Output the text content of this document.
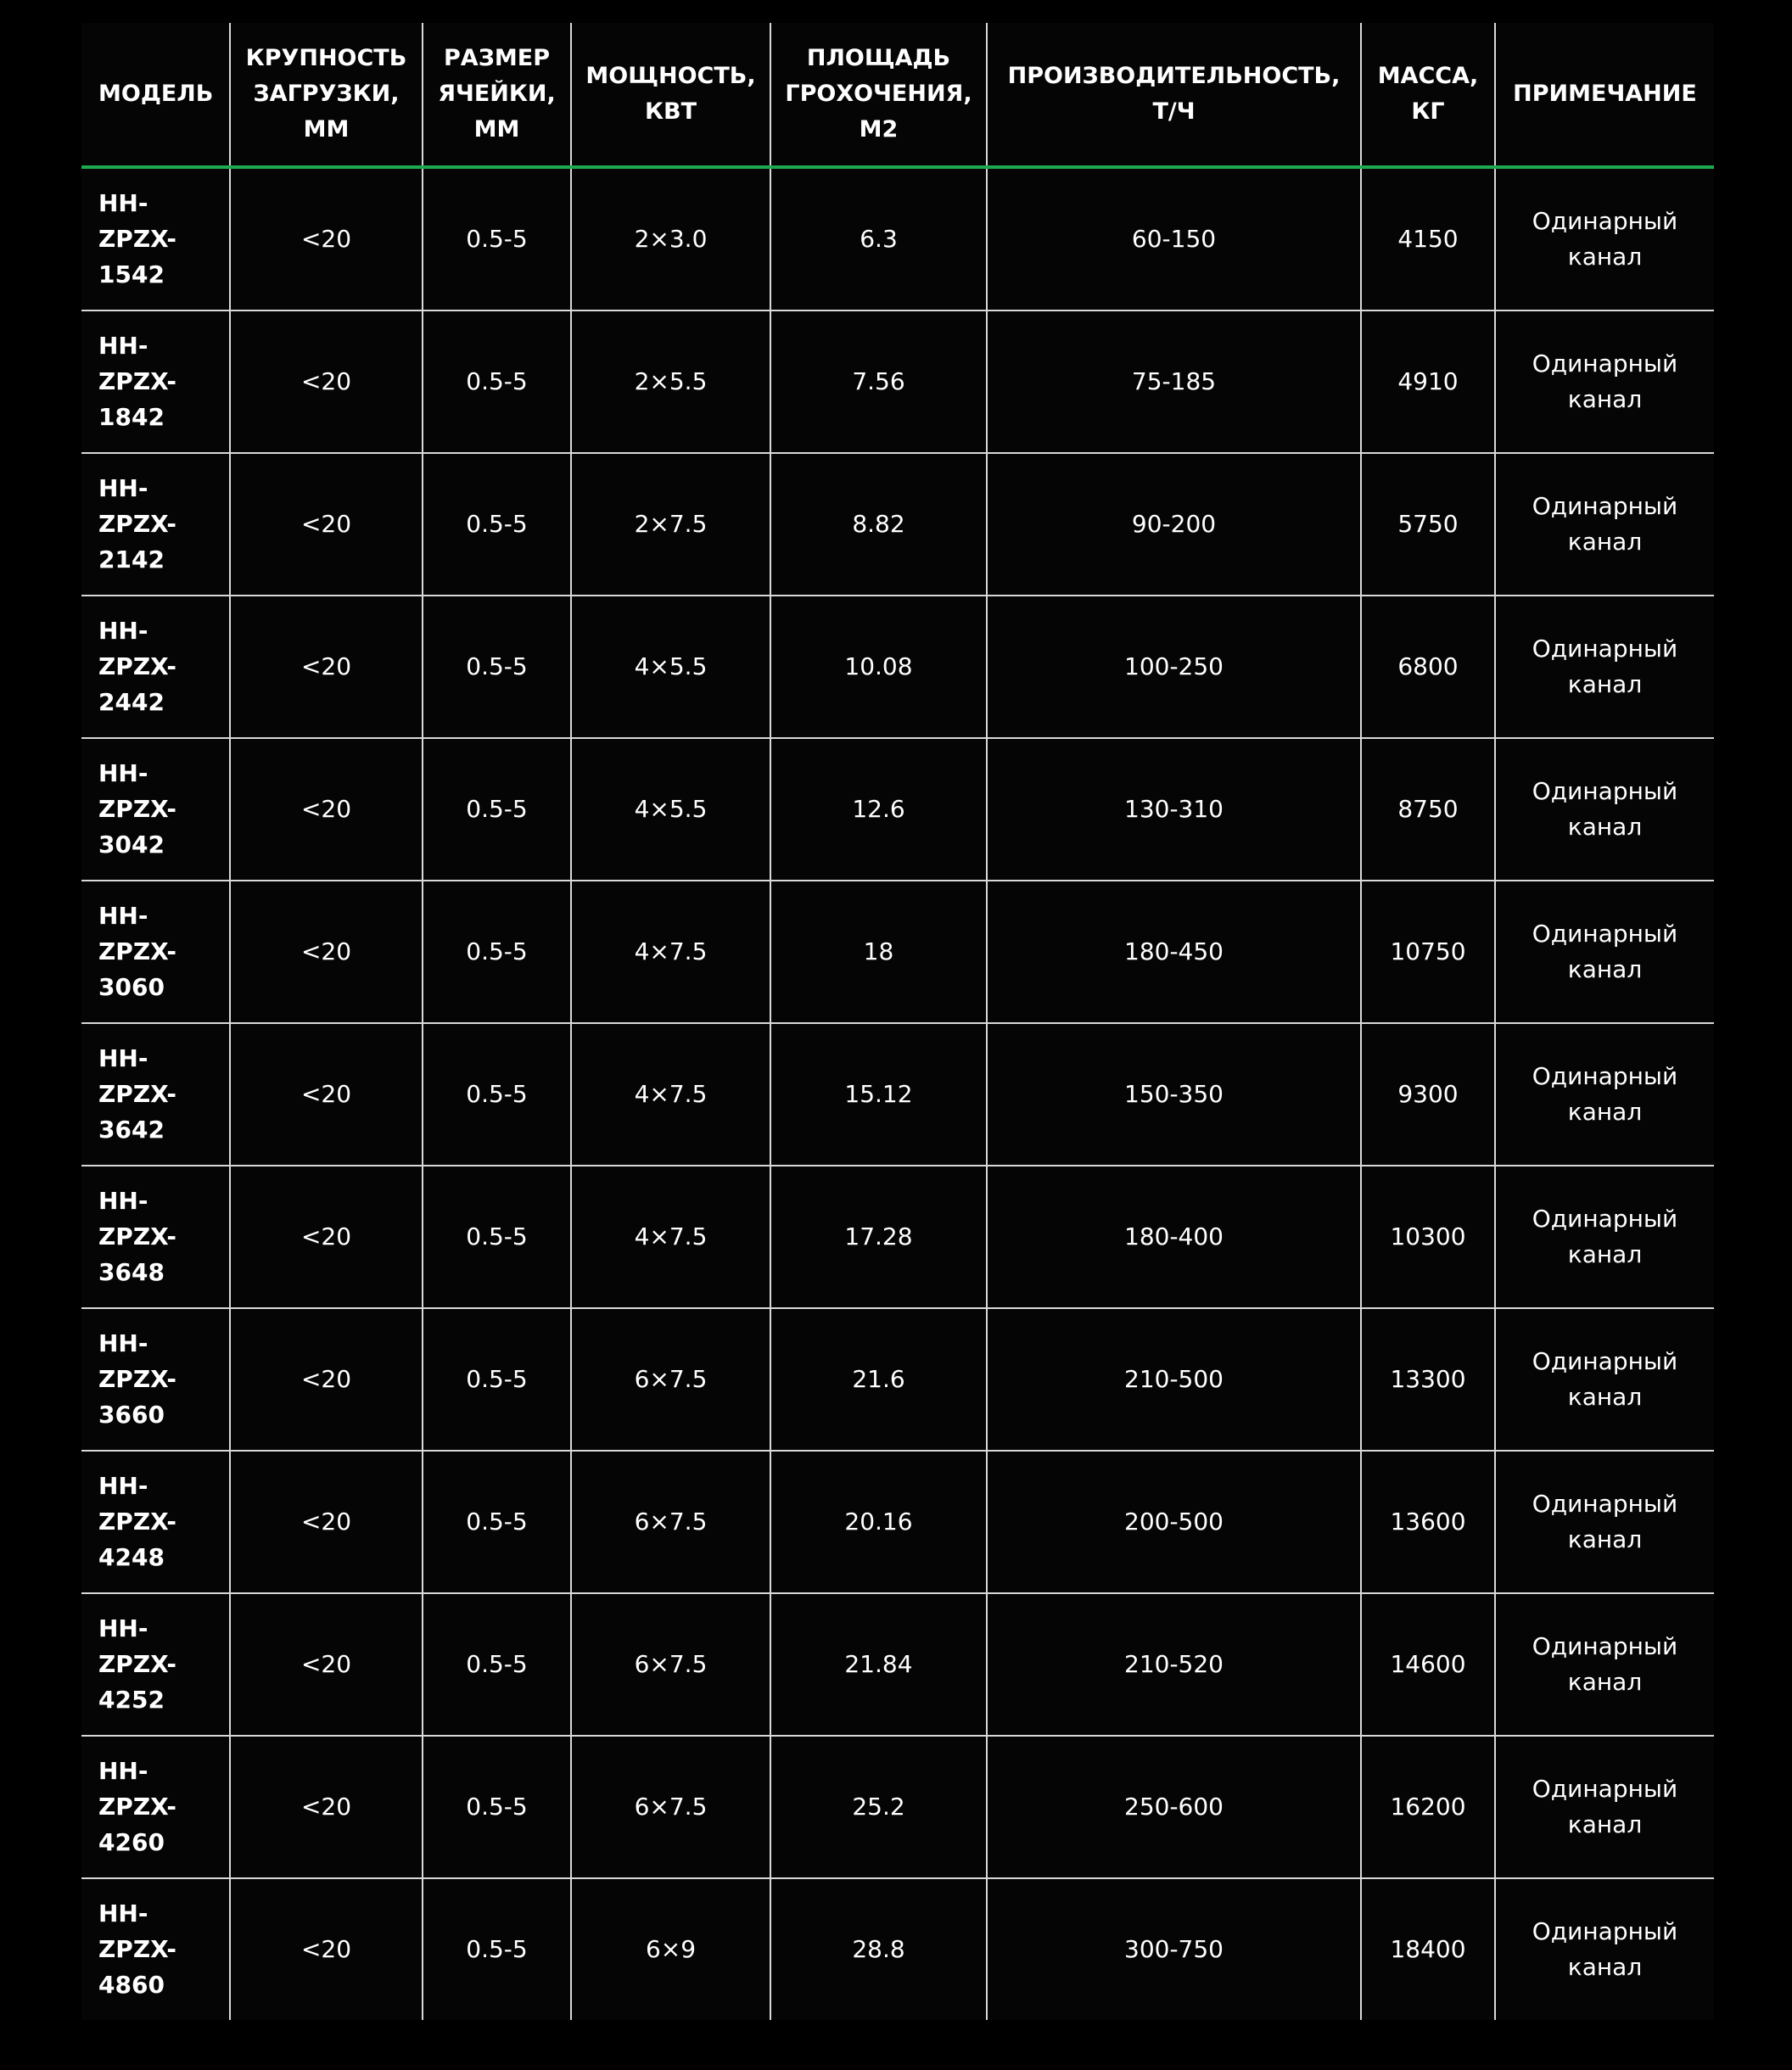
МОДЕЛЬ	КРУПНОСТЬ ЗАГРУЗКИ, ММ	РАЗМЕР ЯЧЕЙКИ, ММ	МОЩНОСТЬ, КВТ	ПЛОЩАДЬ ГРОХОЧЕНИЯ, М2	ПРОИЗВОДИТЕЛЬНОСТЬ, Т/Ч	МАССА, КГ	ПРИМЕЧАНИЕ
HH- ZPZX- 1542	<20	0.5-5	2×3.0	6.3	60-150	4150	Одинарный канал
HH- ZPZX- 1842	<20	0.5-5	2×5.5	7.56	75-185	4910	Одинарный канал
HH- ZPZX- 2142	<20	0.5-5	2×7.5	8.82	90-200	5750	Одинарный канал
HH- ZPZX- 2442	<20	0.5-5	4×5.5	10.08	100-250	6800	Одинарный канал
HH- ZPZX- 3042	<20	0.5-5	4×5.5	12.6	130-310	8750	Одинарный канал
HH- ZPZX- 3060	<20	0.5-5	4×7.5	18	180-450	10750	Одинарный канал
HH- ZPZX- 3642	<20	0.5-5	4×7.5	15.12	150-350	9300	Одинарный канал
HH- ZPZX- 3648	<20	0.5-5	4×7.5	17.28	180-400	10300	Одинарный канал
HH- ZPZX- 3660	<20	0.5-5	6×7.5	21.6	210-500	13300	Одинарный канал
HH- ZPZX- 4248	<20	0.5-5	6×7.5	20.16	200-500	13600	Одинарный канал
HH- ZPZX- 4252	<20	0.5-5	6×7.5	21.84	210-520	14600	Одинарный канал
HH- ZPZX- 4260	<20	0.5-5	6×7.5	25.2	250-600	16200	Одинарный канал
HH- ZPZX- 4860	<20	0.5-5	6×9	28.8	300-750	18400	Одинарный канал
